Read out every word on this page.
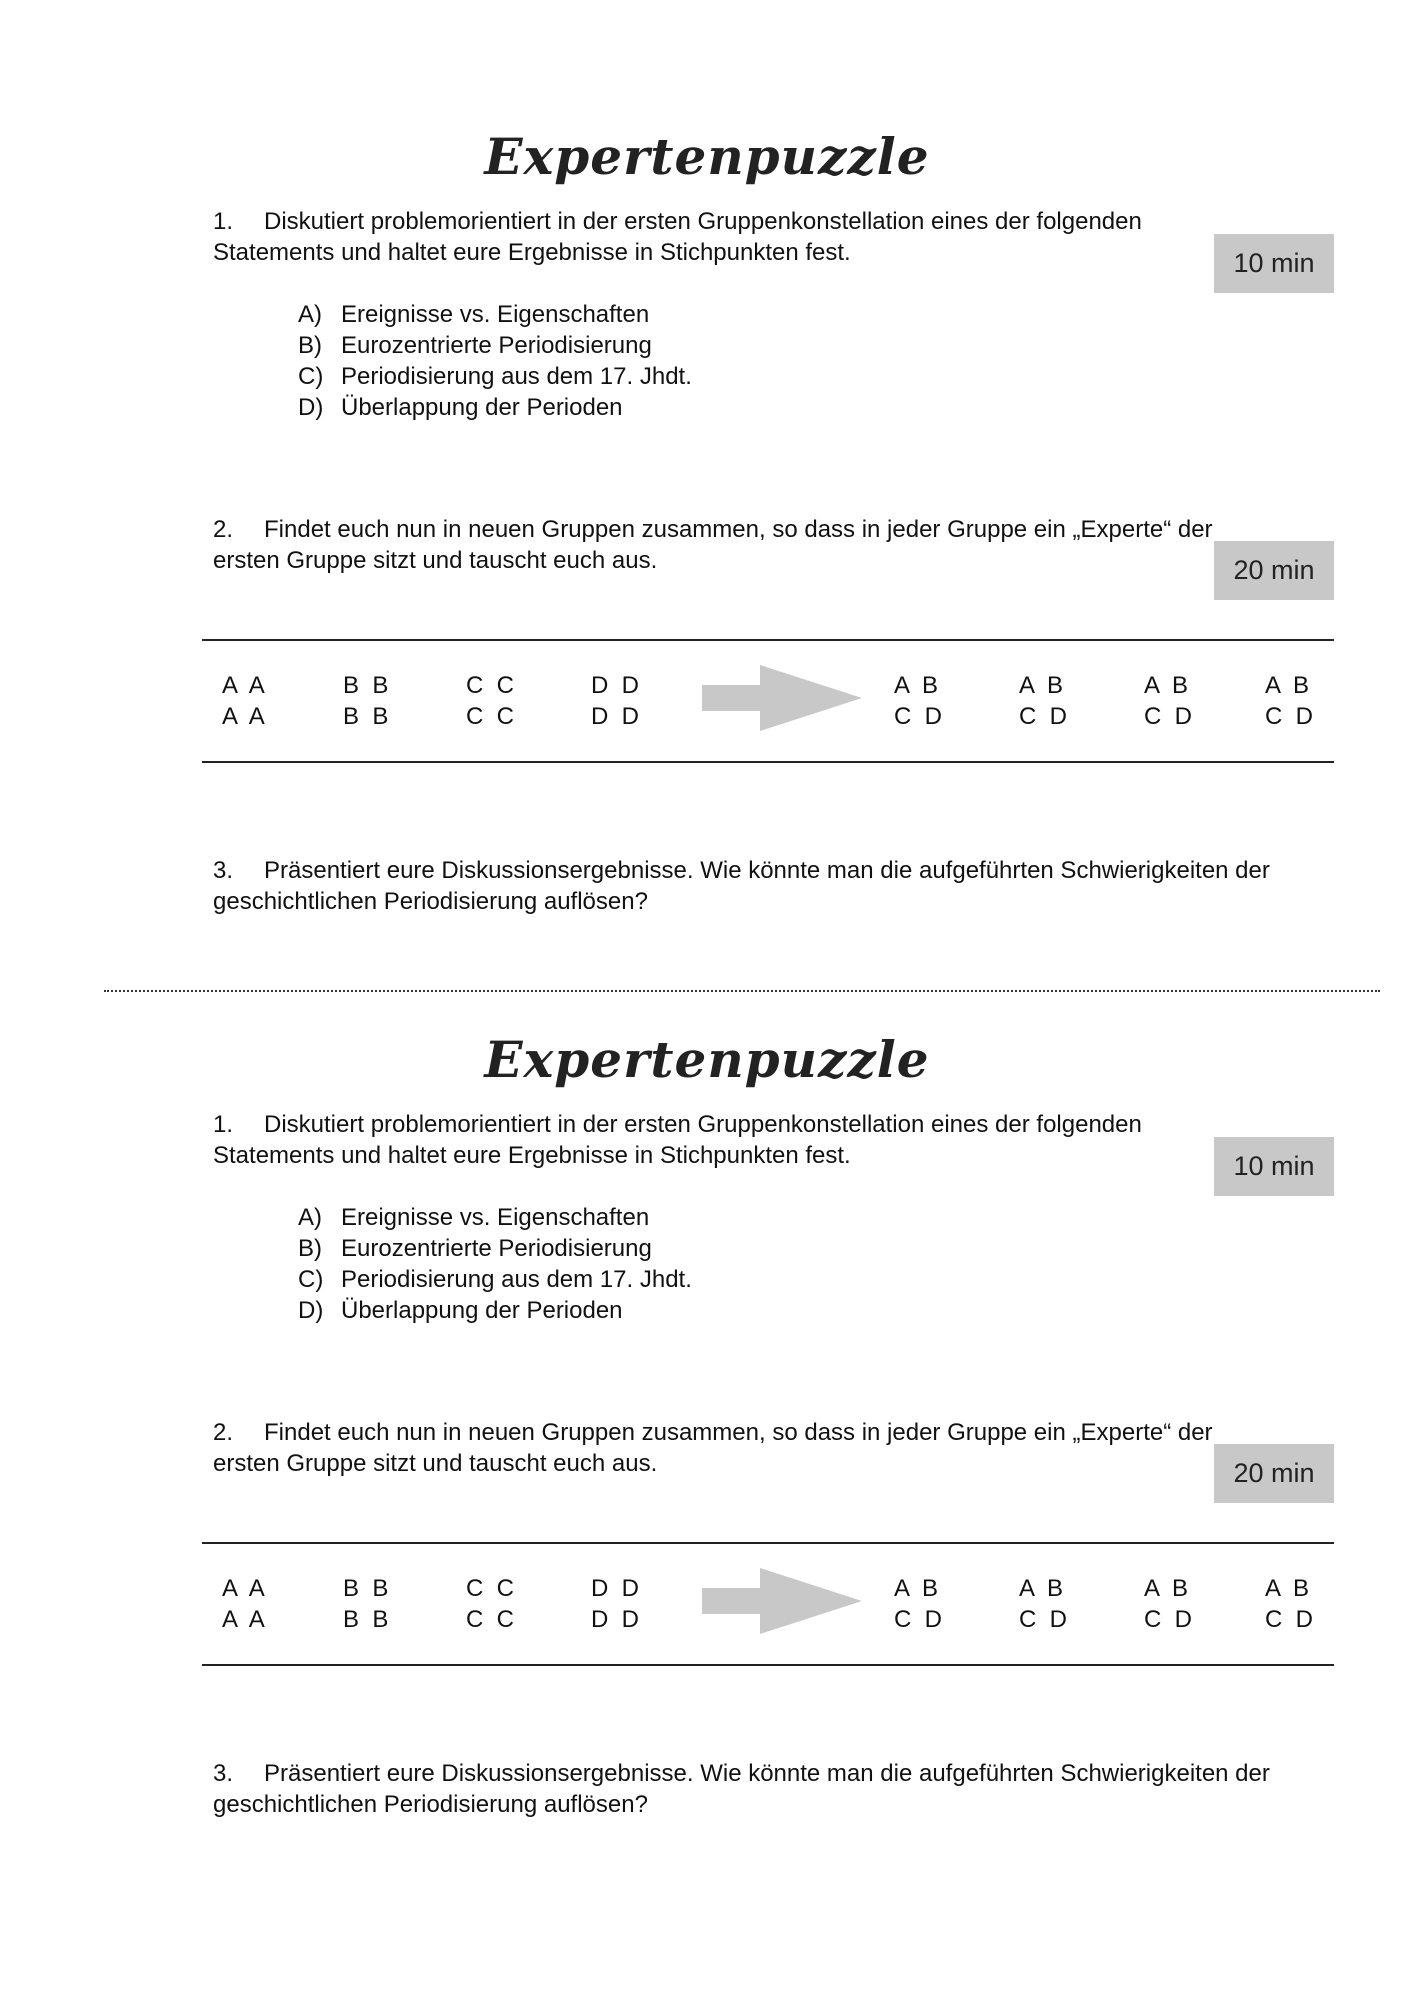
Expertenpuzzle
1. Diskutiert problemorientiert in der ersten Gruppenkonstellation eines der folgenden Statements und haltet eure Ergebnisse in Stichpunkten fest.	10 min
A) Ereignisse vs. Eigenschaften
B) Eurozentrierte Periodisierung
C) Periodisierung aus dem 17. Jhdt.
D) Überlappung der Perioden
2. Findet euch nun in neuen Gruppen zusammen, so dass in jeder Gruppe ein „Experte“ der ersten Gruppe sitzt und tauscht euch aus.	20 min
A  A
A  A
B  B
B  B
C  C
C  C
D  D
D  D
A  B
C  D
A  B
C  D
A  B
C  D
A  B
C  D
3. Präsentiert eure Diskussionsergebnisse. Wie könnte man die aufgeführten Schwierigkeiten der geschichtlichen Periodisierung auflösen?
Expertenpuzzle
1. Diskutiert problemorientiert in der ersten Gruppenkonstellation eines der folgenden Statements und haltet eure Ergebnisse in Stichpunkten fest.	10 min
A) Ereignisse vs. Eigenschaften
B) Eurozentrierte Periodisierung
C) Periodisierung aus dem 17. Jhdt.
D) Überlappung der Perioden
2. Findet euch nun in neuen Gruppen zusammen, so dass in jeder Gruppe ein „Experte“ der ersten Gruppe sitzt und tauscht euch aus.	20 min
A  A
A  A
B  B
B  B
C  C
C  C
D  D
D  D
A  B
C  D
A  B
C  D
A  B
C  D
A  B
C  D
3. Präsentiert eure Diskussionsergebnisse. Wie könnte man die aufgeführten Schwierigkeiten der geschichtlichen Periodisierung auflösen?
